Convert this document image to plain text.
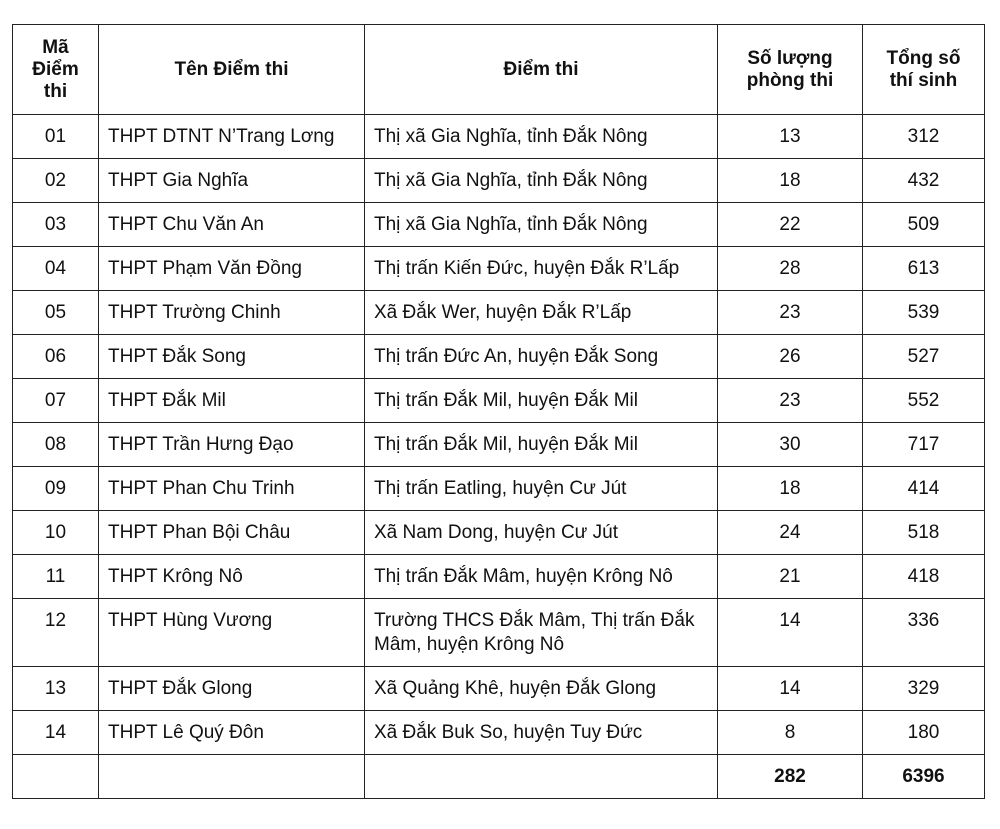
Mã Điểm thi	Tên Điểm thi	Điểm thi	Số lượng phòng thi	Tổng số thí sinh
01	THPT DTNT N’Trang Lơng	Thị xã Gia Nghĩa, tỉnh Đắk Nông	13	312
02	THPT Gia Nghĩa	Thị xã Gia Nghĩa, tỉnh Đắk Nông	18	432
03	THPT Chu Văn An	Thị xã Gia Nghĩa, tỉnh Đắk Nông	22	509
04	THPT Phạm Văn Đồng	Thị trấn Kiến Đức, huyện Đắk R’Lấp	28	613
05	THPT Trường Chinh	Xã Đắk Wer, huyện Đắk R’Lấp	23	539
06	THPT Đắk Song	Thị trấn Đức An, huyện Đắk Song	26	527
07	THPT Đắk Mil	Thị trấn Đắk Mil, huyện Đắk Mil	23	552
08	THPT Trần Hưng Đạo	Thị trấn Đắk Mil, huyện Đắk Mil	30	717
09	THPT Phan Chu Trinh	Thị trấn Eatling, huyện Cư Jút	18	414
10	THPT Phan Bội Châu	Xã Nam Dong, huyện Cư Jút	24	518
11	THPT Krông Nô	Thị trấn Đắk Mâm, huyện Krông Nô	21	418
12	THPT Hùng Vương	Trường THCS Đắk Mâm, Thị trấn Đắk Mâm, huyện Krông Nô	14	336
13	THPT Đắk Glong	Xã Quảng Khê, huyện Đắk Glong	14	329
14	THPT Lê Quý Đôn	Xã Đắk Buk So, huyện Tuy Đức	8	180
			282	6396
